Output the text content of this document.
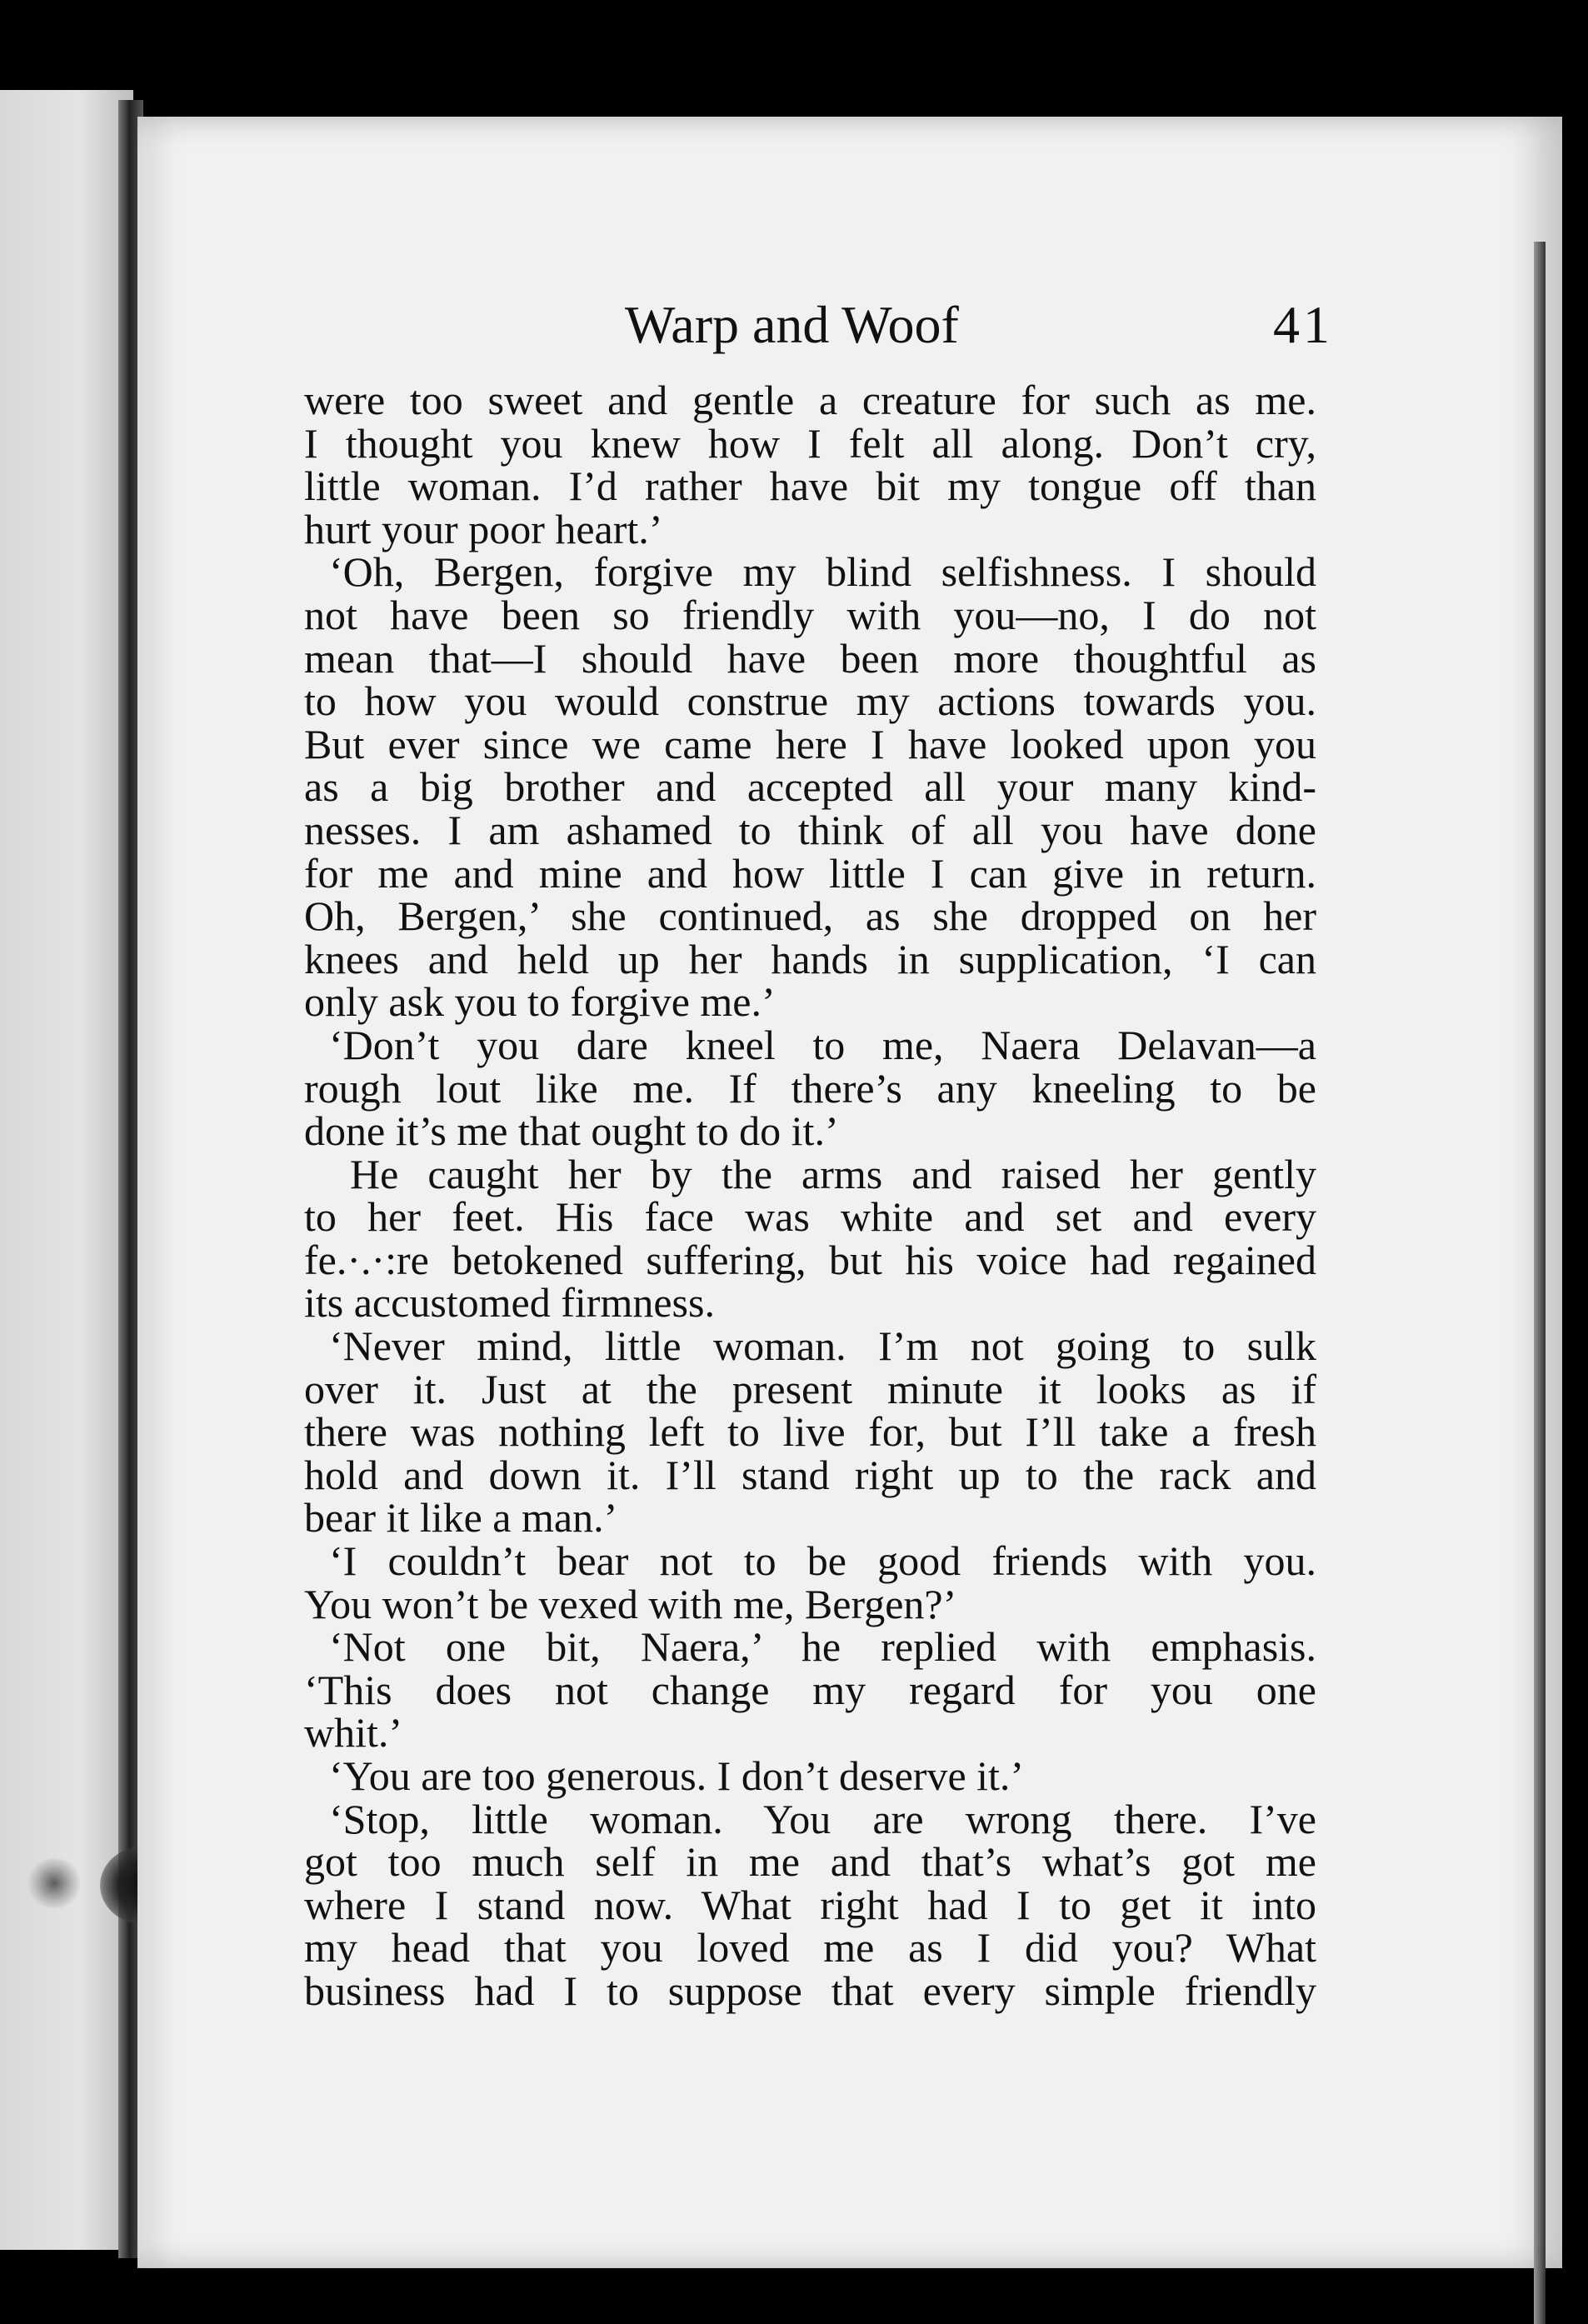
Warp and Woof	41
were too sweet and gentle a creature for such as me.
I thought you knew how I felt all along. Don’t cry,
little woman. I’d rather have bit my tongue off than
hurt your poor heart.’
‘Oh, Bergen, forgive my blind selfishness. I should
not have been so friendly with you—no, I do not
mean that—I should have been more thoughtful as
to how you would construe my actions towards you.
But ever since we came here I have looked upon you
as a big brother and accepted all your many kind-
nesses. I am ashamed to think of all you have done
for me and mine and how little I can give in return.
Oh, Bergen,’ she continued, as she dropped on her
knees and held up her hands in supplication, ‘I can
only ask you to forgive me.’
‘Don’t you dare kneel to me, Naera Delavan—a
rough lout like me. If there’s any kneeling to be
done it’s me that ought to do it.’
He caught her by the arms and raised her gently
to her feet. His face was white and set and every
fe.·.·:re betokened suffering, but his voice had regained
its accustomed firmness.
‘Never mind, little woman. I’m not going to sulk
over it. Just at the present minute it looks as if
there was nothing left to live for, but I’ll take a fresh
hold and down it. I’ll stand right up to the rack and
bear it like a man.’
‘I couldn’t bear not to be good friends with you.
You won’t be vexed with me, Bergen?’
‘Not one bit, Naera,’ he replied with emphasis.
‘This does not change my regard for you one
whit.’
‘You are too generous. I don’t deserve it.’
‘Stop, little woman. You are wrong there. I’ve
got too much self in me and that’s what’s got me
where I stand now. What right had I to get it into
my head that you loved me as I did you? What
business had I to suppose that every simple friendly
